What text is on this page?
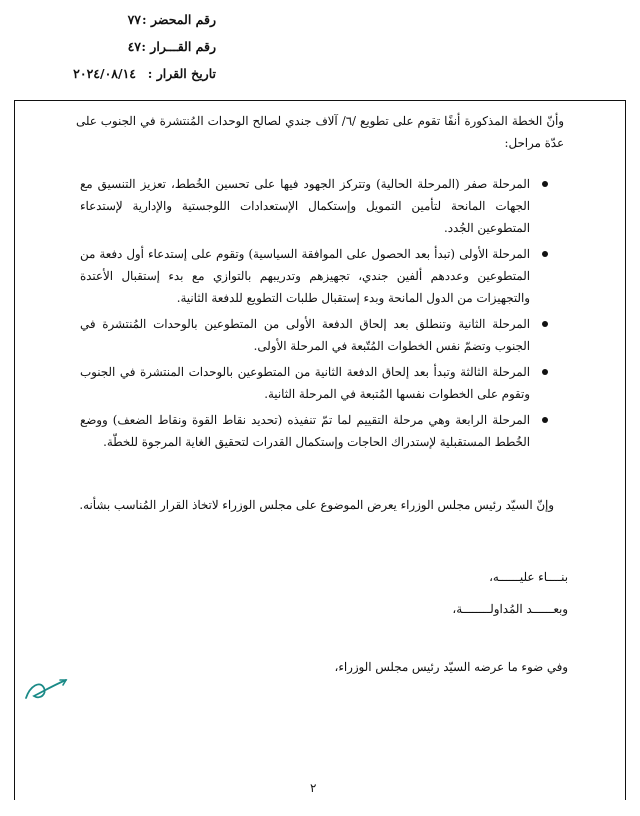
رقم المحضر :
٧٧
رقم القـــرار :
٤٧
تاريخ القرار :
٢٠٢٤/٠٨/١٤
وأنّ الخطة المذكورة أنفًا تقوم على تطويع /٦/ آلاف جندي لصالح الوحدات المُنتشرة في الجنوب على عدّة مراحل:
المرحلة صفر (المرحلة الحالية) وتتركز الجهود فيها على تحسين الخُطط، تعزيز التنسيق مع الجهات المانحة لتأمين التمويل وإستكمال الإستعدادات اللوجستية والإدارية لإستدعاء المتطوعين الجُدد.
المرحلة الأولى (تبدأ بعد الحصول على الموافقة السياسية) وتقوم على إستدعاء أول دفعة من المتطوعين وعددهم ألفين جندي، تجهيزهم وتدريبهم بالتوازي مع بدء إستقبال الأعتدة والتجهيزات من الدول المانحة وبدء إستقبال طلبات التطويع للدفعة الثانية.
المرحلة الثانية وتنطلق بعد إلحاق الدفعة الأولى من المتطوعين بالوحدات المُنتشرة في الجنوب وتضمّ نفس الخطوات المُتّبعة في المرحلة الأولى.
المرحلة الثالثة وتبدأ بعد إلحاق الدفعة الثانية من المتطوعين بالوحدات المنتشرة في الجنوب وتقوم على الخطوات نفسها المُتبعة في المرحلة الثانية.
المرحلة الرابعة وهي مرحلة التقييم لما تمّ تنفيذه (تحديد نقاط القوة ونقاط الضعف) ووضع الخُطط المستقبلية لإستدراك الحاجات وإستكمال القدرات لتحقيق الغاية المرجوة للخطّة.
وإنّ السيّد رئيس مجلس الوزراء يعرض الموضوع على مجلس الوزراء لاتخاذ القرار المُناسب بشأنه.
بنــــاء عليــــــه،
وبعــــــد المُداولــــــــة،
وفي ضوء ما عرضه السيّد رئيس مجلس الوزراء،
٢
